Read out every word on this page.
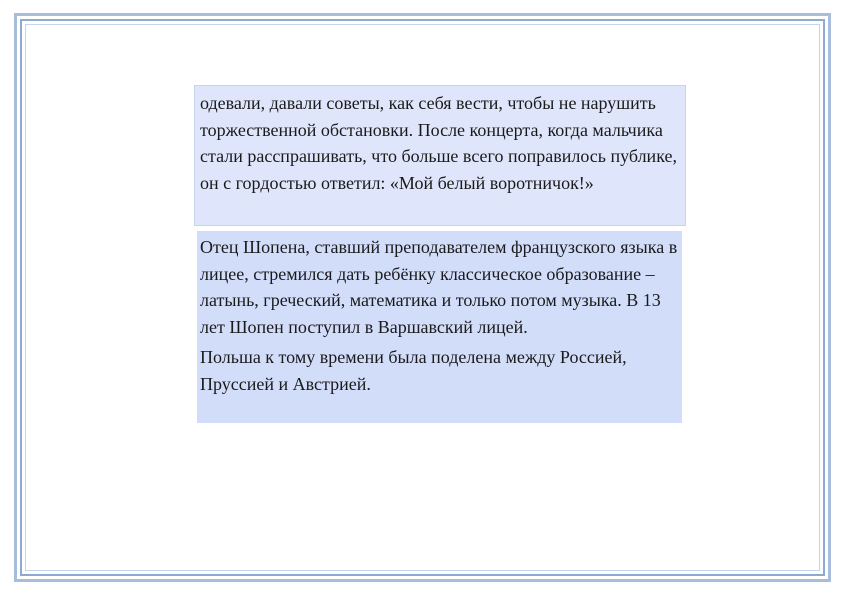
одевали, давали советы, как себя вести, чтобы не нарушить торжественной обстановки. После концерта, когда мальчика стали расспрашивать, что больше всего поправилось публике, он с гордостью ответил: «Мой белый воротничок!»

Отец Шопена, ставший преподавателем французского языка в лицее, стремился дать ребёнку классическое образование – латынь, греческий, математика и только потом музыка. В 13 лет Шопен поступил в Варшавский лицей.

Польша к тому времени была поделена между Россией, Пруссией и Австрией.
